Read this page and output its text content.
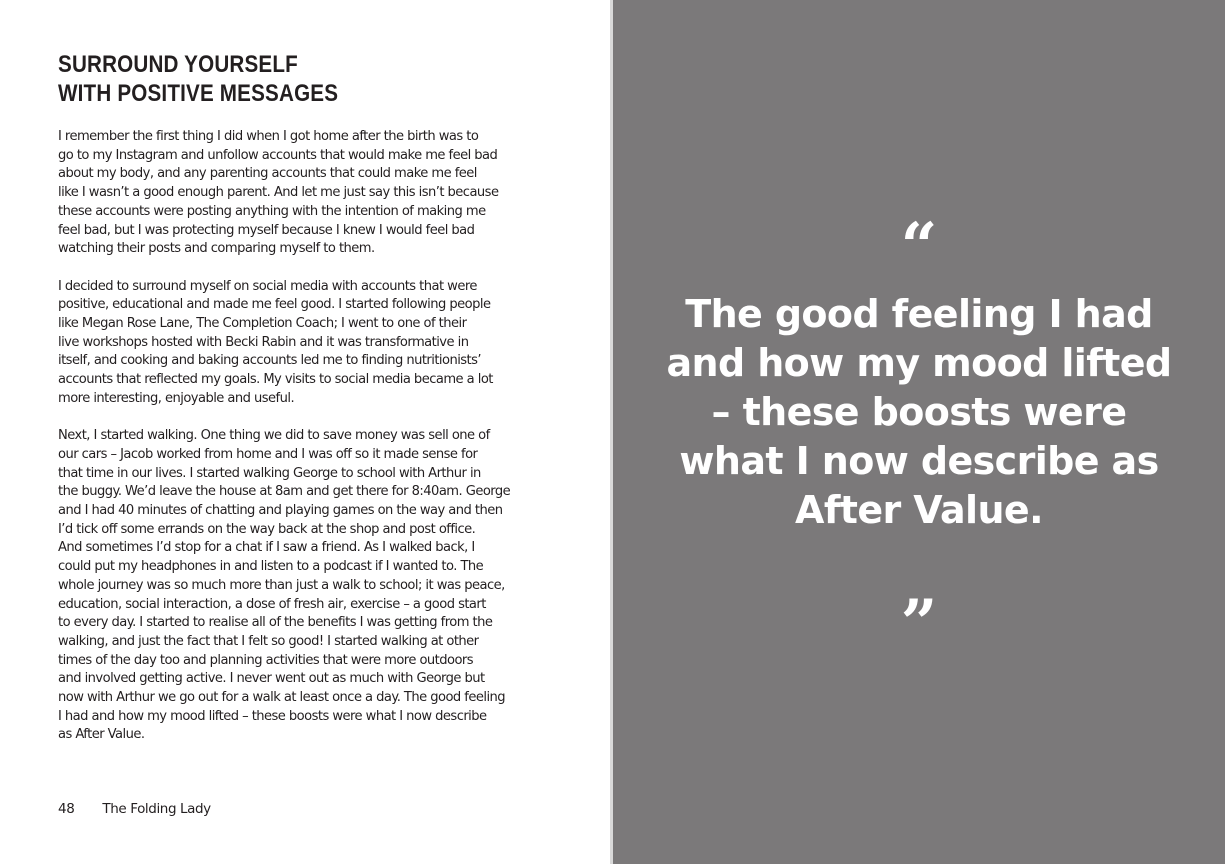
SURROUND YOURSELF
WITH POSITIVE MESSAGES

I remember the first thing I did when I got home after the birth was to
go to my Instagram and unfollow accounts that would make me feel bad
about my body, and any parenting accounts that could make me feel
like I wasn’t a good enough parent. And let me just say this isn’t because
these accounts were posting anything with the intention of making me
feel bad, but I was protecting myself because I knew I would feel bad
watching their posts and comparing myself to them.

I decided to surround myself on social media with accounts that were
positive, educational and made me feel good. I started following people
like Megan Rose Lane, The Completion Coach; I went to one of their
live workshops hosted with Becki Rabin and it was transformative in
itself, and cooking and baking accounts led me to finding nutritionists’
accounts that reflected my goals. My visits to social media became a lot
more interesting, enjoyable and useful.

Next, I started walking. One thing we did to save money was sell one of
our cars – Jacob worked from home and I was off so it made sense for
that time in our lives. I started walking George to school with Arthur in
the buggy. We’d leave the house at 8am and get there for 8:40am. George
and I had 40 minutes of chatting and playing games on the way and then
I’d tick off some errands on the way back at the shop and post office.
And sometimes I’d stop for a chat if I saw a friend. As I walked back, I
could put my headphones in and listen to a podcast if I wanted to. The
whole journey was so much more than just a walk to school; it was peace,
education, social interaction, a dose of fresh air, exercise – a good start
to every day. I started to realise all of the benefits I was getting from the
walking, and just the fact that I felt so good! I started walking at other
times of the day too and planning activities that were more outdoors
and involved getting active. I never went out as much with George but
now with Arthur we go out for a walk at least once a day. The good feeling
I had and how my mood lifted – these boosts were what I now describe
as After Value.

48 The Folding Lady
“
The good feeling I had
and how my mood lifted
– these boosts were
what I now describe as
After Value.
”
